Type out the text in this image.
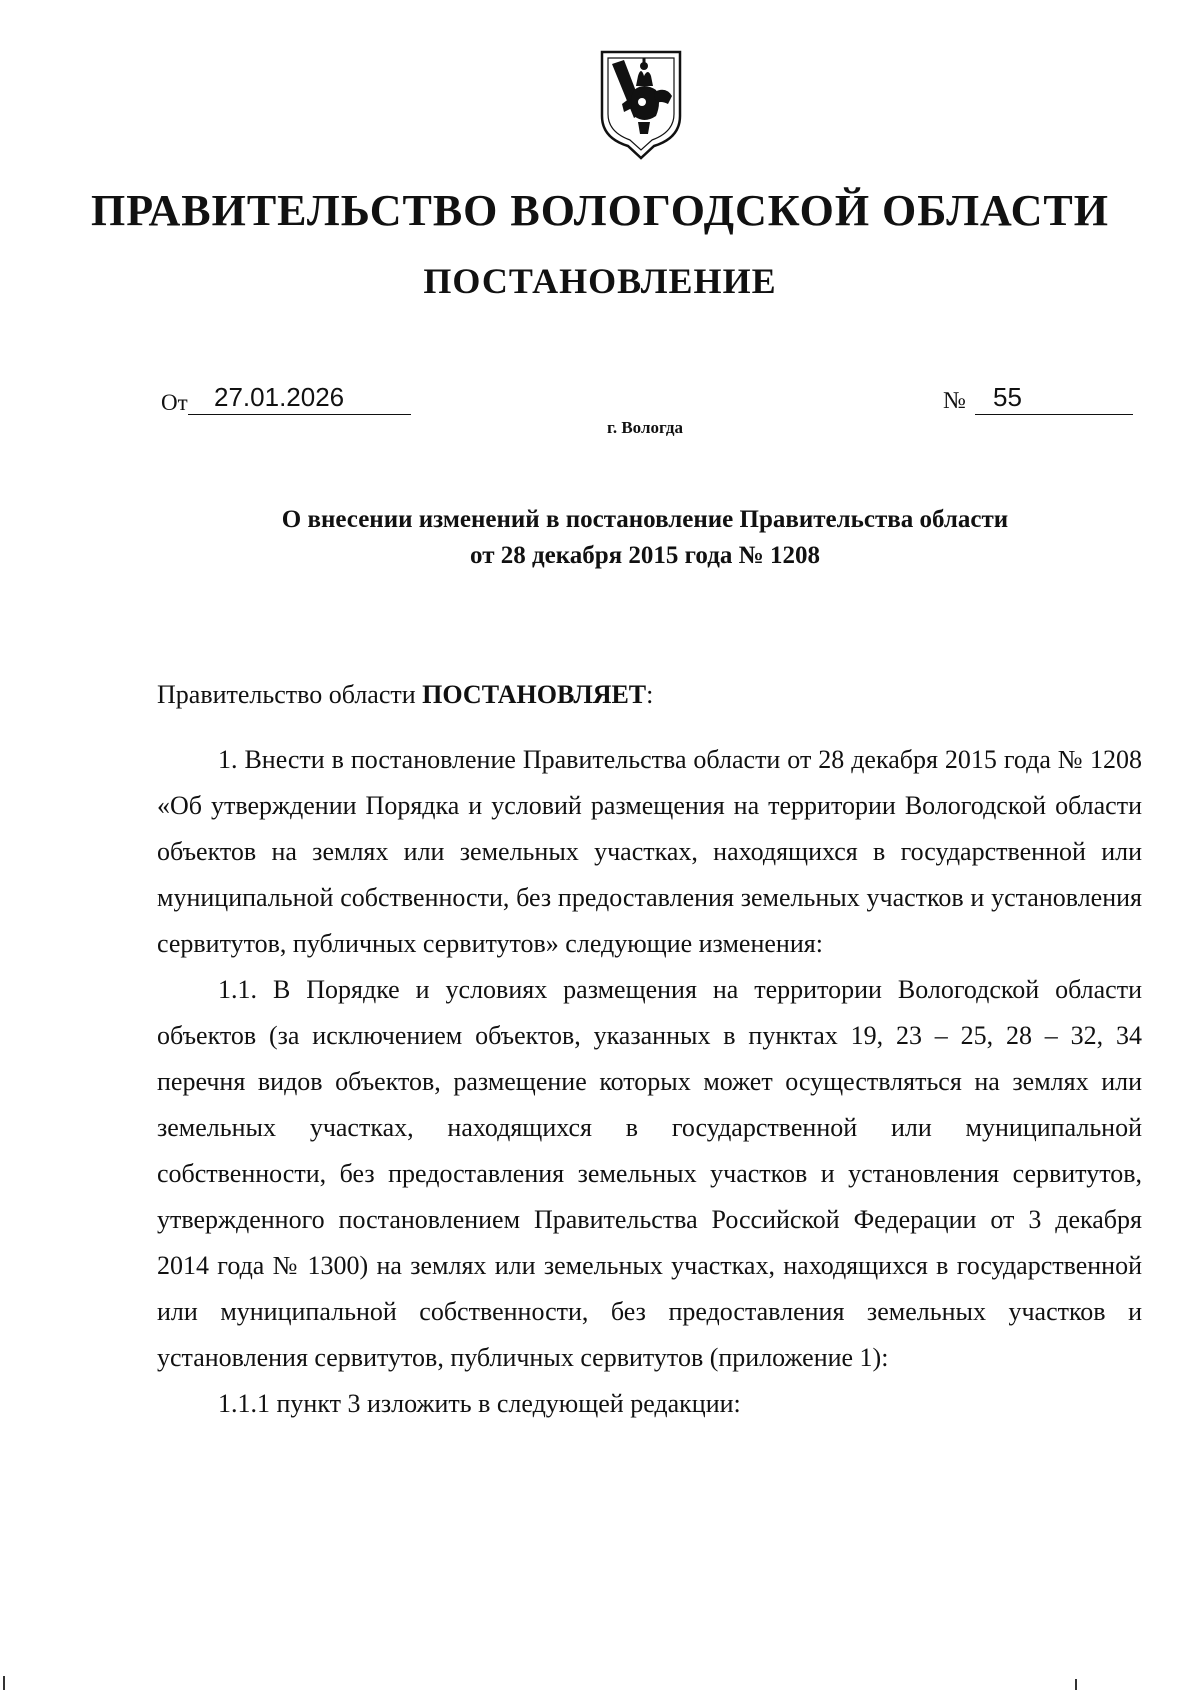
ПРАВИТЕЛЬСТВО ВОЛОГОДСКОЙ ОБЛАСТИ
ПОСТАНОВЛЕНИЕ
От	27.01.2026	№	55
г. Вологда
О внесении изменений в постановление Правительства области
от 28 декабря 2015 года № 1208

Правительство области ПОСТАНОВЛЯЕТ:

1. Внести в постановление Правительства области от 28 декабря 2015 года № 1208 «Об утверждении Порядка и условий размещения на территории Вологодской области объектов на землях или земельных участках, находящихся в государственной или муниципальной собственности, без предоставления земельных участков и установления сервитутов, публичных сервитутов» следующие изменения:

1.1. В Порядке и условиях размещения на территории Вологодской области объектов (за исключением объектов, указанных в пунктах 19, 23 – 25, 28 – 32, 34 перечня видов объектов, размещение которых может осуществляться на землях или земельных участках, находящихся в государственной или муниципальной собственности, без предоставления земельных участков и установления сервитутов, утвержденного постановлением Правительства Российской Федерации от 3 декабря 2014 года № 1300) на землях или земельных участках, находящихся в государственной или муниципальной собственности, без предоставления земельных участков и установления сервитутов, публичных сервитутов (приложение 1):

1.1.1 пункт 3 изложить в следующей редакции:
